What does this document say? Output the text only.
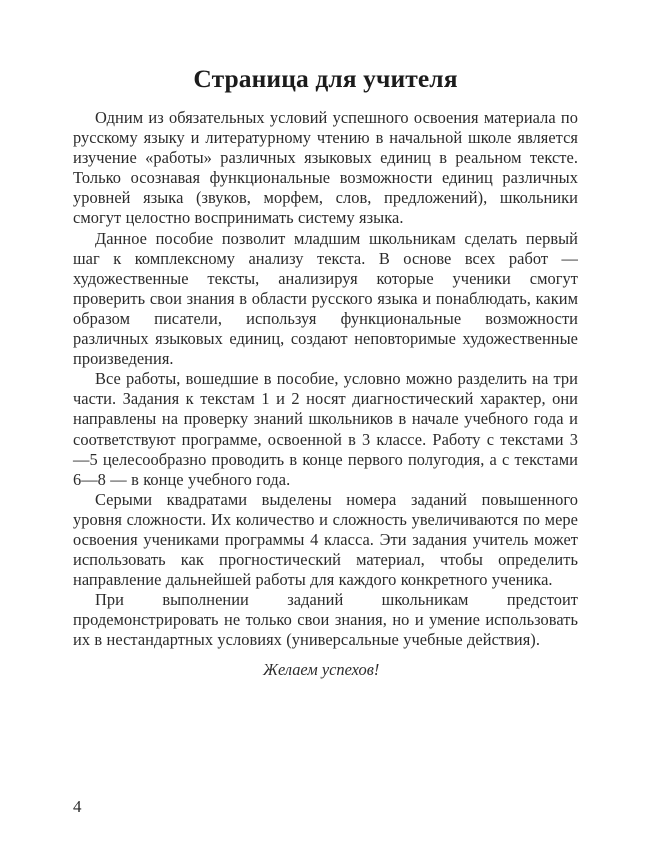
Страница для учителя

Одним из обязательных условий успешного освоения материала по русскому языку и литературному чтению в начальной школе является изучение «работы» различных языковых единиц в реальном тексте. Только осознавая функциональные возможности единиц различных уровней языка (звуков, морфем, слов, предложений), школьники смогут целостно воспринимать систему языка.

Данное пособие позволит младшим школьникам сделать первый шаг к комплексному анализу текста. В основе всех работ — художественные тексты, анализируя которые ученики смогут проверить свои знания в области русского языка и понаблюдать, каким образом писатели, используя функциональные возможности различных языковых единиц, создают неповторимые художественные произведения.

Все работы, вошедшие в пособие, условно можно разделить на три части. Задания к текстам 1 и 2 носят диагностический характер, они направлены на проверку знаний школьников в начале учебного года и соответствуют программе, освоенной в 3 классе. Работу с текстами 3—5 целесообразно проводить в конце первого полугодия, а с текстами 6—8 — в конце учебного года.

Серыми квадратами выделены номера заданий повышенного уровня сложности. Их количество и сложность увеличиваются по мере освоения учениками программы 4 класса. Эти задания учитель может использовать как прогностический материал, чтобы определить направление дальнейшей работы для каждого конкретного ученика.

При выполнении заданий школьникам предстоит продемонстрировать не только свои знания, но и умение использовать их в нестандартных условиях (универсальные учебные действия).

Желаем успехов!

4
